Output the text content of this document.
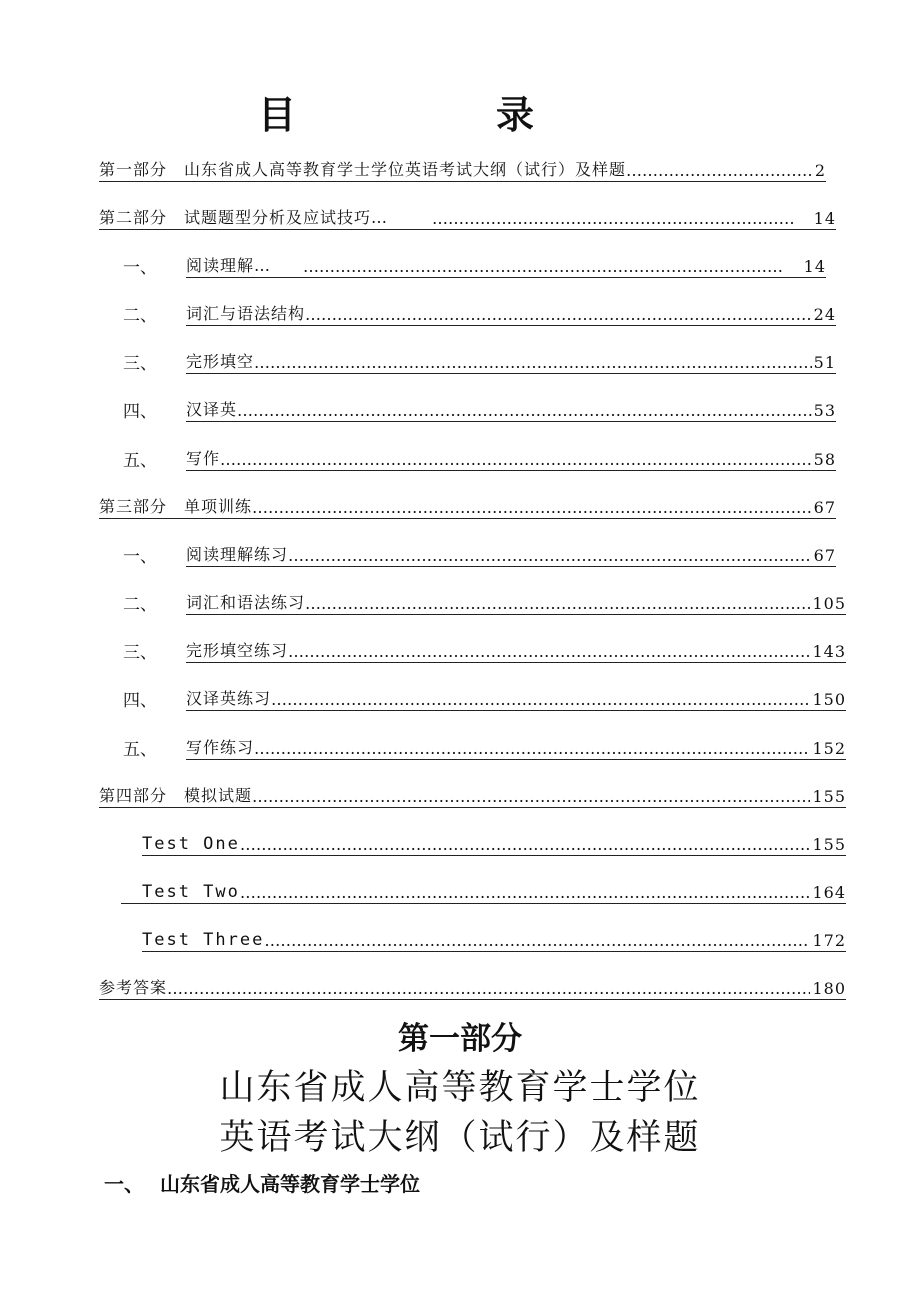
目	录
第一部分　山东省成人高等教育学士学位英语考试大纲（试行）及样题 ……………………………………………………………………………………………………………………………………………………………………………………	2
第二部分　试题题型分析及应试技巧… ……………………………………………………………………………………………………………………………………………………………………………………	14
一、 阅读理解… ……………………………………………………………………………………………………………………………………………………………………………………	14
二、 词汇与语法结构 ……………………………………………………………………………………………………………………………………………………………………………………	24
三、 完形填空 ……………………………………………………………………………………………………………………………………………………………………………………	51
四、 汉译英 ……………………………………………………………………………………………………………………………………………………………………………………	53
五、 写作 ……………………………………………………………………………………………………………………………………………………………………………………	58
第三部分　单项训练 ……………………………………………………………………………………………………………………………………………………………………………………	67
一、 阅读理解练习 ……………………………………………………………………………………………………………………………………………………………………………………	67
二、 词汇和语法练习 ……………………………………………………………………………………………………………………………………………………………………………………	105
三、 完形填空练习 ……………………………………………………………………………………………………………………………………………………………………………………	143
四、 汉译英练习 ……………………………………………………………………………………………………………………………………………………………………………………	150
五、 写作练习 ……………………………………………………………………………………………………………………………………………………………………………………	152
第四部分　模拟试题 ……………………………………………………………………………………………………………………………………………………………………………………	155
Test One ……………………………………………………………………………………………………………………………………………………………………………………	155
Test Two ……………………………………………………………………………………………………………………………………………………………………………………	164
Test Three ……………………………………………………………………………………………………………………………………………………………………………………	172
参考答案 ……………………………………………………………………………………………………………………………………………………………………………………	180
第一部分
山东省成人高等教育学士学位
英语考试大纲（试行）及样题
一、 山东省成人高等教育学士学位
